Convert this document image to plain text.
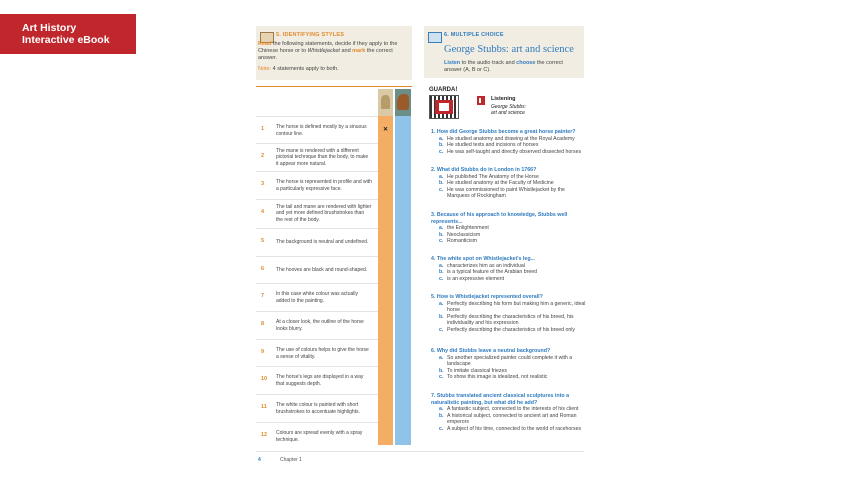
Art History
Interactive eBook	5. IDENTIFYING STYLES
Read the following statements, decide if they apply to the Chinese horse or to Whistlejacket and mark the correct answer.
Note: 4 statements apply to both.
6. MULTIPLE CHOICE
George Stubbs: art and science
Listen to the audio track and choose the correct answer (A, B or C).
1 The horse is defined mostly by a sinuous contour line.
2
The mane is rendered with a different pictorial technique than the body, to make it appear more natural.
3 The horse is represented in profile and with a particularly expressive face.
4
The tail and mane are rendered with lighter and yet more defined brushstrokes than the rest of the body.
5 The background is neutral and undefined.
6 The hooves are black and round-shaped.
7 In this case white colour was actually added to the painting.
8 At a closer look, the outline of the horse looks blurry.
9 The use of colours helps to give the horse a sense of vitality.
10 The horse's legs are displayed in a way that suggests depth.
11 The white colour is painted with short brushstrokes to accentuate highlights.
12 Colours are spread evenly with a spray technique.
✕
GUARDA!
Listening
George Stubbs:
art and science
1. How did George Stubbs become a great horse painter?
a. He studied anatomy and drawing at the Royal Academy
b. He studied texts and incisions of horses
c. He was self-taught and directly observed dissected horses
2. What did Stubbs do in London in 1766?
a. He published The Anatomy of the Horse
b. He studied anatomy at the Faculty of Medicine
c. He was commissioned to paint Whistlejacket by the Marquess of Rockingham
3. Because of his approach to knowledge, Stubbs well represents...
a. the Enlightenment
b. Neoclassicism
c. Romanticism
4. The white spot on Whistlejacket's leg...
a. characterizes him as an individual
b. is a typical feature of the Arabian breed
c. is an expressive element
5. How is Whistlejacket represented overall?
a. Perfectly describing his form but making him a generic, ideal horse
b. Perfectly describing the characteristics of his breed, his individuality and his expression
c. Perfectly describing the characteristics of his breed only
6. Why did Stubbs leave a neutral background?
a. So another specialized painter could complete it with a landscape
b. To imitate classical friezes
c. To show this image is idealized, not realistic
7. Stubbs translated ancient classical sculptures into a naturalistic painting, but what did he add?
a. A fantastic subject, connected to the interests of his client
b. A historical subject, connected to ancient art and Roman emperors
c. A subject of his time, connected to the world of racehorses
4	Chapter 1
